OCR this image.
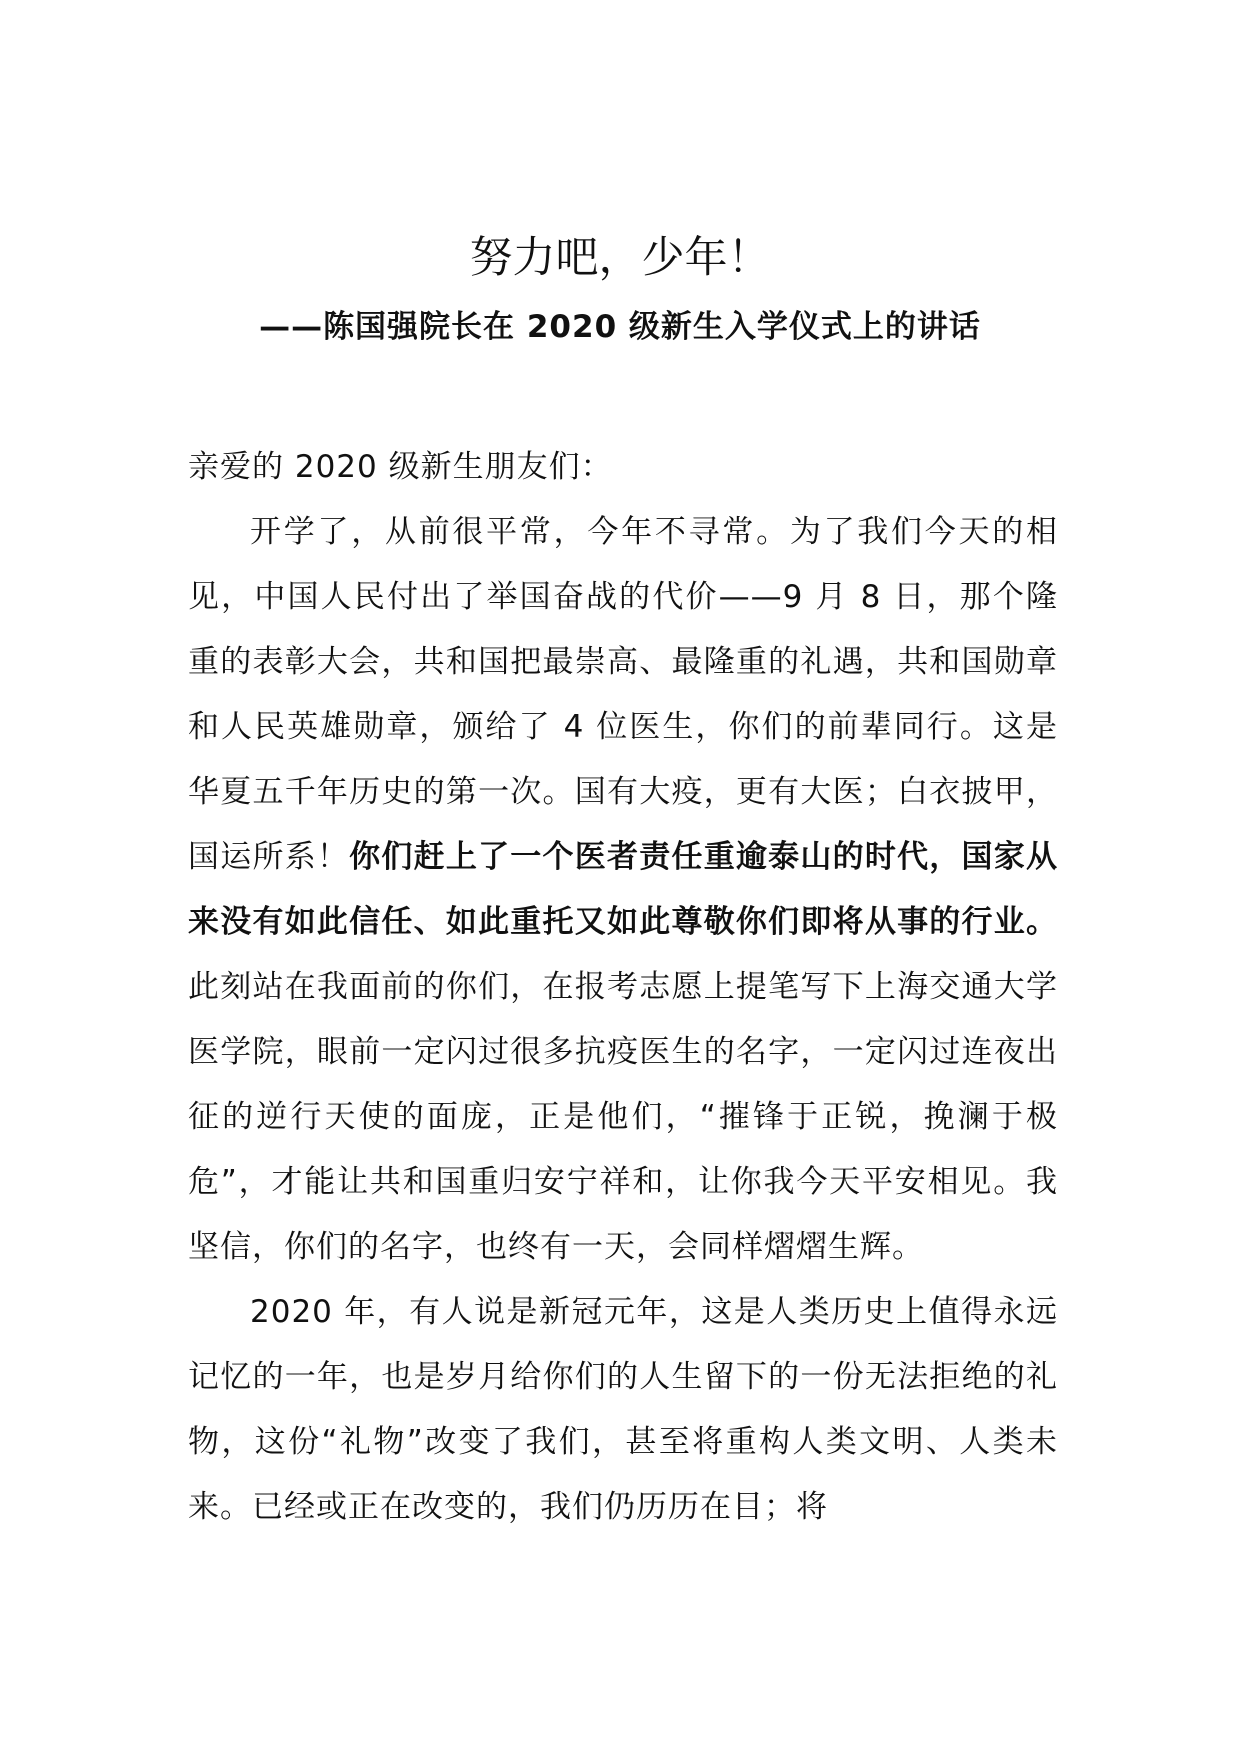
努力吧，少年！
——陈国强院长在 2020 级新生入学仪式上的讲话

亲爱的 2020 级新生朋友们：

开学了，从前很平常，今年不寻常。为了我们今天的相见，中国人民付出了举国奋战的代价——9 月 8 日，那个隆重的表彰大会，共和国把最崇高、最隆重的礼遇，共和国勋章和人民英雄勋章，颁给了 4 位医生，你们的前辈同行。这是华夏五千年历史的第一次。国有大疫，更有大医；白衣披甲，国运所系！你们赶上了一个医者责任重逾泰山的时代，国家从来没有如此信任、如此重托又如此尊敬你们即将从事的行业。此刻站在我面前的你们，在报考志愿上提笔写下上海交通大学医学院，眼前一定闪过很多抗疫医生的名字，一定闪过连夜出征的逆行天使的面庞，正是他们，“摧锋于正锐，挽澜于极危”，才能让共和国重归安宁祥和，让你我今天平安相见。我坚信，你们的名字，也终有一天，会同样熠熠生辉。

2020 年，有人说是新冠元年，这是人类历史上值得永远记忆的一年，也是岁月给你们的人生留下的一份无法拒绝的礼物，这份“礼物”改变了我们，甚至将重构人类文明、人类未来。已经或正在改变的，我们仍历历在目；将
